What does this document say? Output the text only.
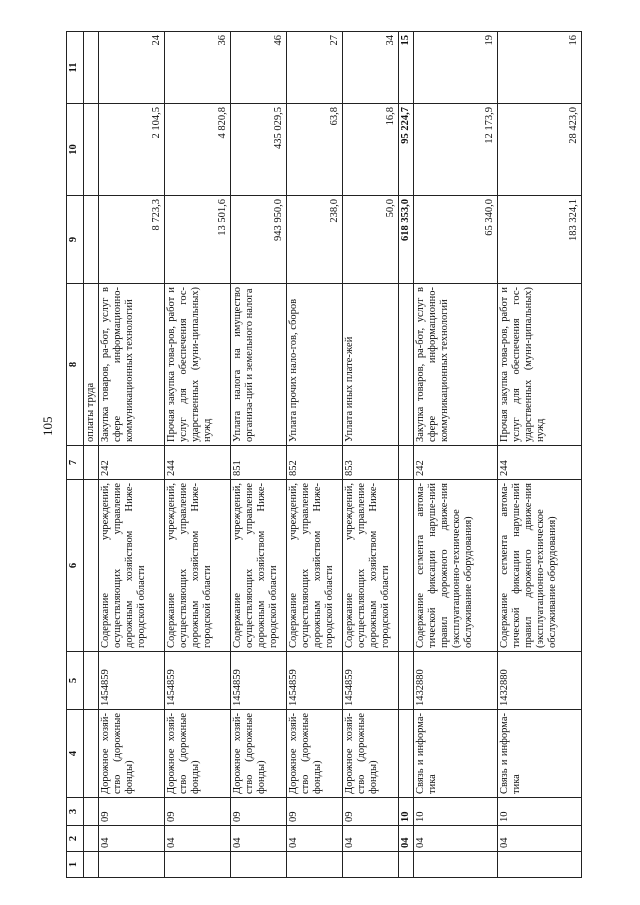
105
1	2	3	4	5	6	7	8	9	10	11
							оплаты труда			
	04	09	Дорожное хозяй-ство (дорожные фонды)	1454859	Содержание учреждений, осуществляющих управление дорожным хозяйством Ниже-городской области	242	Закупка товаров, ра-бот, услуг в сфере информационно-коммуникационных технологий	8 723,3	2 104,5	24
	04	09	Дорожное хозяй-ство (дорожные фонды)	1454859	Содержание учреждений, осуществляющих управление дорожным хозяйством Ниже-городской области	244	Прочая закупка това-ров, работ и услуг для обеспечения гос-ударственных (муни-ципальных) нужд	13 501,6	4 820,8	36
	04	09	Дорожное хозяй-ство (дорожные фонды)	1454859	Содержание учреждений, осуществляющих управление дорожным хозяйством Ниже-городской области	851	Уплата налога на имущество организа-ций и земельного налога	943 950,0	435 029,5	46
	04	09	Дорожное хозяй-ство (дорожные фонды)	1454859	Содержание учреждений, осуществляющих управление дорожным хозяйством Ниже-городской области	852	Уплата прочих нало-гов, сборов	238,0	63,8	27
	04	09	Дорожное хозяй-ство (дорожные фонды)	1454859	Содержание учреждений, осуществляющих управление дорожным хозяйством Ниже-городской области	853	Уплата иных плате-жей	50,0	16,8	34
	04	10						618 353,0	95 224,7	15
	04	10	Связь и информа-тика	1432880	Содержание сегмента автома-тической фиксации наруше-ний правил дорожного движе-ния (эксплуатационно-техническое обслуживание оборудования)	242	Закупка товаров, ра-бот, услуг в сфере информационно-коммуникационных технологий	65 340,0	12 173,9	19
	04	10	Связь и информа-тика	1432880	Содержание сегмента автома-тической фиксации наруше-ний правил дорожного движе-ния (эксплуатационно-техническое обслуживание оборудования)	244	Прочая закупка това-ров, работ и услуг для обеспечения гос-ударственных (муни-ципальных) нужд	183 324,1	28 423,0	16
